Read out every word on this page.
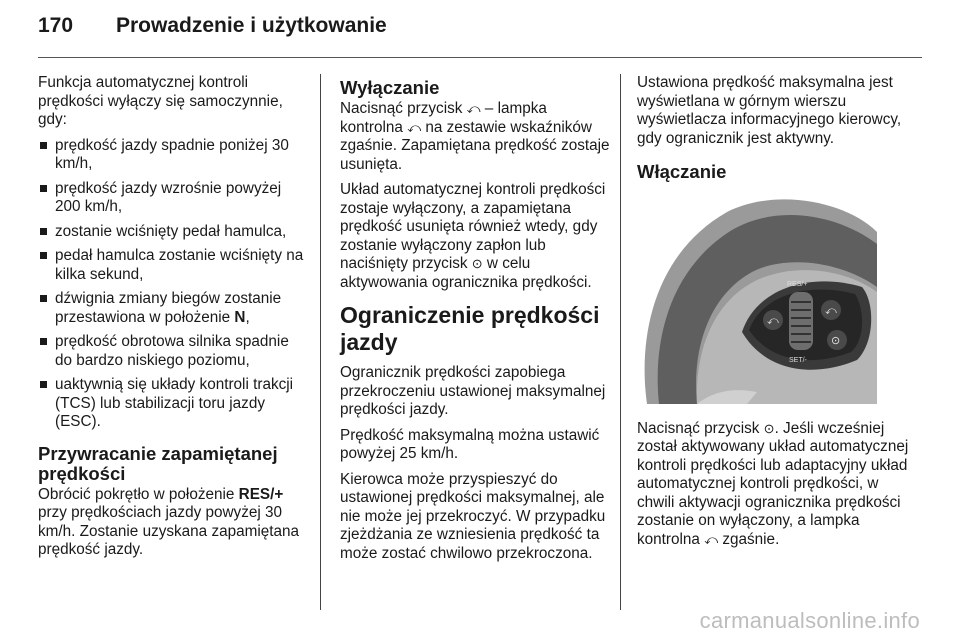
170	Prowadzenie i użytkowanie

Funkcja automatycznej kontroli prędkości wyłączy się samoczynnie, gdy:

prędkość jazdy spadnie poniżej 30 km/h,
prędkość jazdy wzrośnie powyżej 200 km/h,
zostanie wciśnięty pedał hamulca,
pedał hamulca zostanie wciśnięty na kilka sekund,
dźwignia zmiany biegów zostanie przestawiona w położenie N,
prędkość obrotowa silnika spadnie do bardzo niskiego poziomu,
uaktywnią się układy kontroli trakcji (TCS) lub stabilizacji toru jazdy (ESC).
Przywracanie zapamiętanej prędkości

Obrócić pokrętło w położenie RES/+ przy prędkościach jazdy powyżej 30 km/h. Zostanie uzyskana zapamiętana prędkość jazdy.

Wyłączanie

Nacisnąć przycisk ⤺ – lampka kontrolna ⤺ na zestawie wskaźników zgaśnie. Zapamiętana prędkość zostaje usunięta.

Układ automatycznej kontroli prędkości zostaje wyłączony, a zapamiętana prędkość usunięta również wtedy, gdy zostanie wyłączony zapłon lub naciśnięty przycisk ⊙ w celu aktywowania ogranicznika prędkości.

Ograniczenie prędkości jazdy

Ogranicznik prędkości zapobiega przekroczeniu ustawionej maksymalnej prędkości jazdy.

Prędkość maksymalną można ustawić powyżej 25 km/h.

Kierowca może przyspieszyć do ustawionej prędkości maksymalnej, ale nie może jej przekroczyć. W przypadku zjeżdżania ze wzniesienia prędkość ta może zostać chwilowo przekroczona.

Ustawiona prędkość maksymalna jest wyświetlana w górnym wierszu wyświetlacza informacyjnego kierowcy, gdy ogranicznik jest aktywny.

Włączanie
RES/+
SET/-
⤺
⤺
⊙

Nacisnąć przycisk ⊙. Jeśli wcześniej został aktywowany układ automatycznej kontroli prędkości lub adaptacyjny układ automatycznej kontroli prędkości, w chwili aktywacji ogranicznika prędkości zostanie on wyłączony, a lampka kontrolna ⤺ zgaśnie.

carmanualsonline.info
